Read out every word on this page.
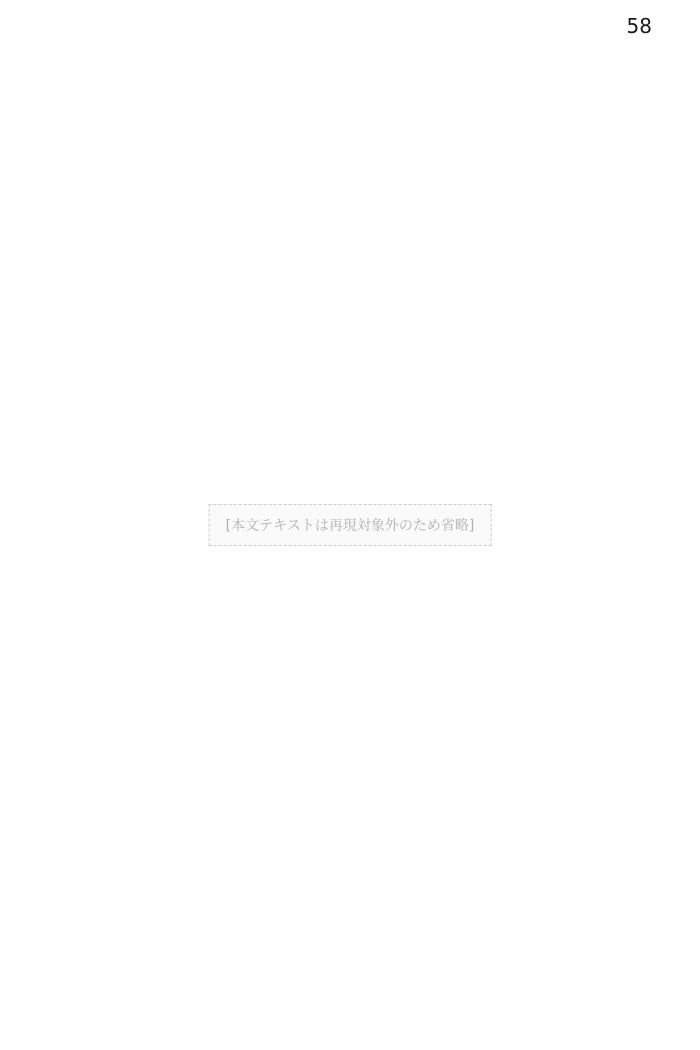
58
[本文テキストは再現対象外のため省略]
